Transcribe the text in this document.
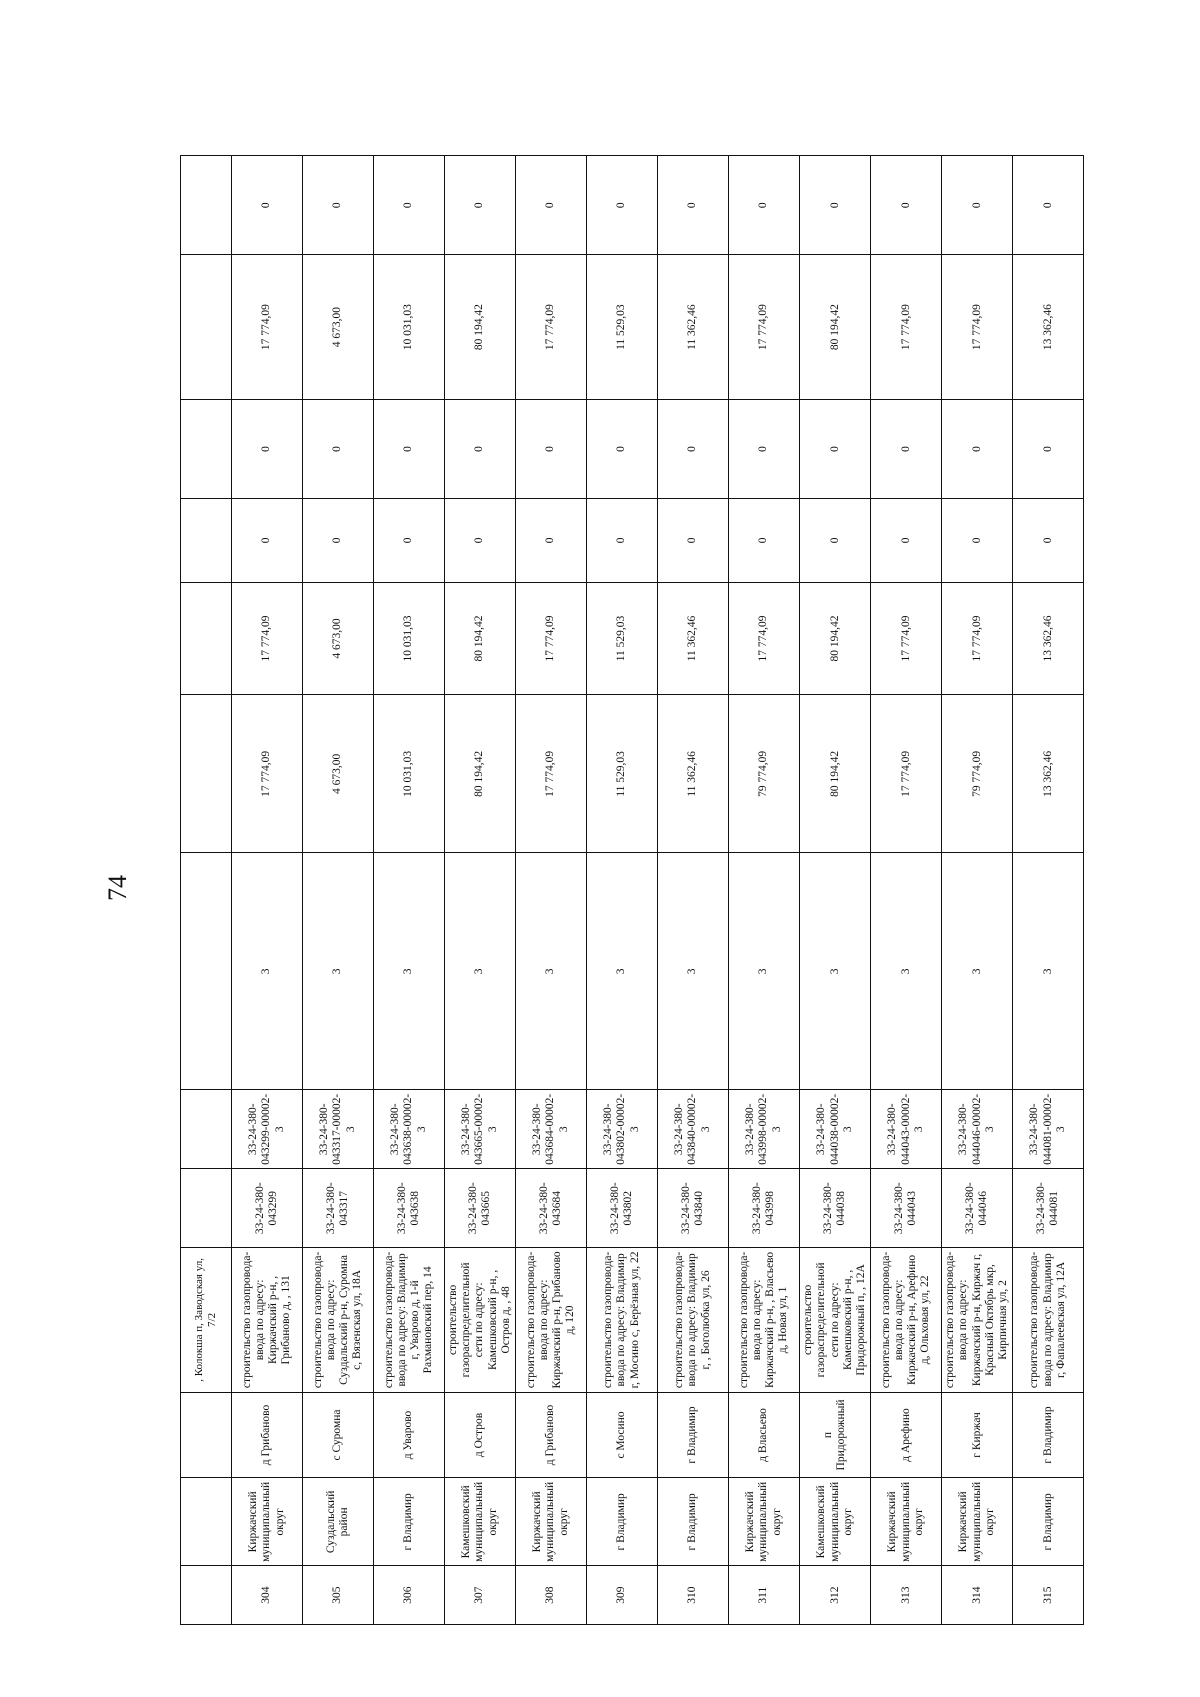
74
			, Колокша п, Заводская ул, 7/2									
304	Киржачский муниципальный округ	д Грибаново	строительство газопровода-ввода по адресу: Киржачский р-н, , Грибаново д, , 131	33-24-380-043299	33-24-380-043299-00002-3	3	17 774,09	17 774,09	0	0	17 774,09	0
305	Суздальский район	с Суромна	строительство газопровода-ввода по адресу: Суздальский р-н, Суромна с, Вязенская ул, 18А	33-24-380-043317	33-24-380-043317-00002-3	3	4 673,00	4 673,00	0	0	4 673,00	0
306	г Владимир	д Уварово	строительство газопровода-ввода по адресу: Владимир г, Уварово д, 1-й Рахмановский пер, 14	33-24-380-043638	33-24-380-043638-00002-3	3	10 031,03	10 031,03	0	0	10 031,03	0
307	Камешковский муниципальный округ	д Остров	строительство газораспределительной сети по адресу: Камешковский р-н, , Остров д, , 48	33-24-380-043665	33-24-380-043665-00002-3	3	80 194,42	80 194,42	0	0	80 194,42	0
308	Киржачский муниципальный округ	д Грибаново	строительство газопровода-ввода по адресу: Киржачский р-н, Грибаново д, 120	33-24-380-043684	33-24-380-043684-00002-3	3	17 774,09	17 774,09	0	0	17 774,09	0
309	г Владимир	с Мосино	строительство газопровода-ввода по адресу: Владимир г, Мосино с, Берёзная ул, 22	33-24-380-043802	33-24-380-043802-00002-3	3	11 529,03	11 529,03	0	0	11 529,03	0
310	г Владимир	г Владимир	строительство газопровода-ввода по адресу: Владимир г, , Боголюбка ул, 26	33-24-380-043840	33-24-380-043840-00002-3	3	11 362,46	11 362,46	0	0	11 362,46	0
311	Киржачский муниципальный округ	д Власьево	строительство газопровода-ввода по адресу: Киржачский р-н, , Власьево д, Новая ул, 1	33-24-380-043998	33-24-380-043998-00002-3	3	79 774,09	17 774,09	0	0	17 774,09	0
312	Камешковский муниципальный округ	п Придорожный	строительство газораспределительной сети по адресу: Камешковский р-н, , Придорожный п, , 12А	33-24-380-044038	33-24-380-044038-00002-3	3	80 194,42	80 194,42	0	0	80 194,42	0
313	Киржачский муниципальный округ	д Арефино	строительство газопровода-ввода по адресу: Киржачский р-н, Арефино д, Ольховая ул, 22	33-24-380-044043	33-24-380-044043-00002-3	3	17 774,09	17 774,09	0	0	17 774,09	0
314	Киржачский муниципальный округ	г Киржач	строительство газопровода-ввода по адресу: Киржачский р-н, Киржач г, Красный Октябрь мкр, Кирпичная ул, 2	33-24-380-044046	33-24-380-044046-00002-3	3	79 774,09	17 774,09	0	0	17 774,09	0
315	г Владимир	г Владимир	строительство газопровода-ввода по адресу: Владимир г, Фапалеевская ул, 12А	33-24-380-044081	33-24-380-044081-00002-3	3	13 362,46	13 362,46	0	0	13 362,46	0
